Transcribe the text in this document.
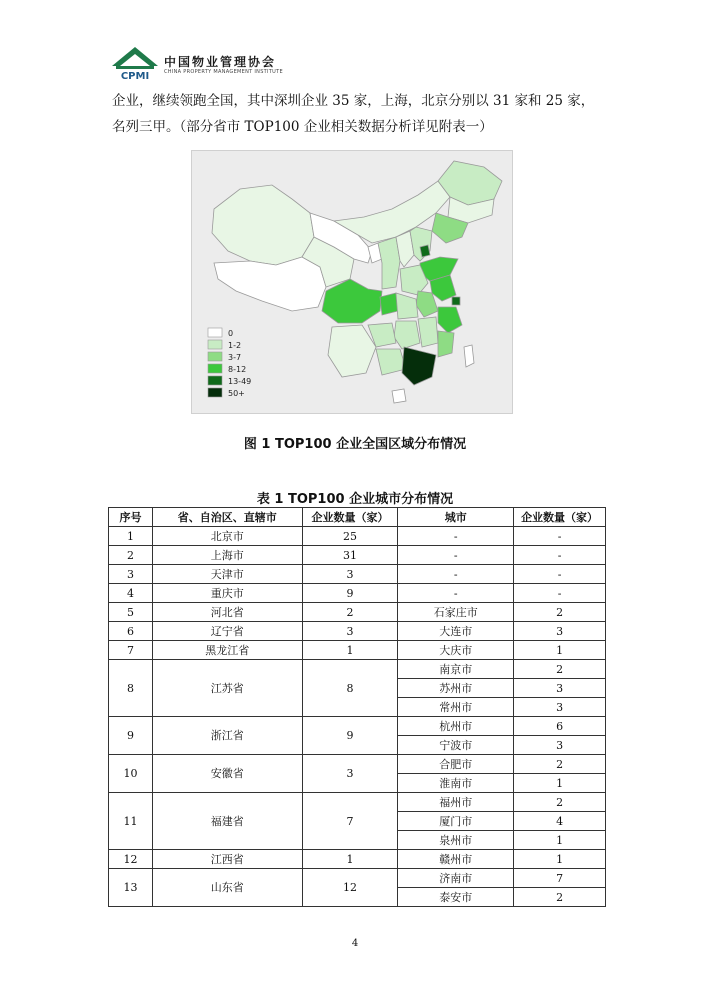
CPMI
中国物业管理协会
CHINA PROPERTY MANAGEMENT INSTITUTE

企业，继续领跑全国，其中深圳企业 35 家，上海，北京分别以 31 家和 25 家，

名列三甲。（部分省市 TOP100 企业相关数据分析详见附表一）

0
1-2
3-7
8-12
13-49
50+
图 1 TOP100 企业全国区域分布情况
表 1 TOP100 企业城市分布情况
序号	省、自治区、直辖市	企业数量（家）	城市	企业数量（家）
1	北京市	25	-	-
2	上海市	31	-	-
3	天津市	3	-	-
4	重庆市	9	-	-
5	河北省	2	石家庄市	2
6	辽宁省	3	大连市	3
7	黑龙江省	1	大庆市	1
8	江苏省	8	南京市	2
			苏州市	3
			常州市	3
9	浙江省	9	杭州市	6
			宁波市	3
10	安徽省	3	合肥市	2
			淮南市	1
11	福建省	7	福州市	2
			厦门市	4
			泉州市	1
12	江西省	1	赣州市	1
13	山东省	12	济南市	7
			泰安市	2
4
